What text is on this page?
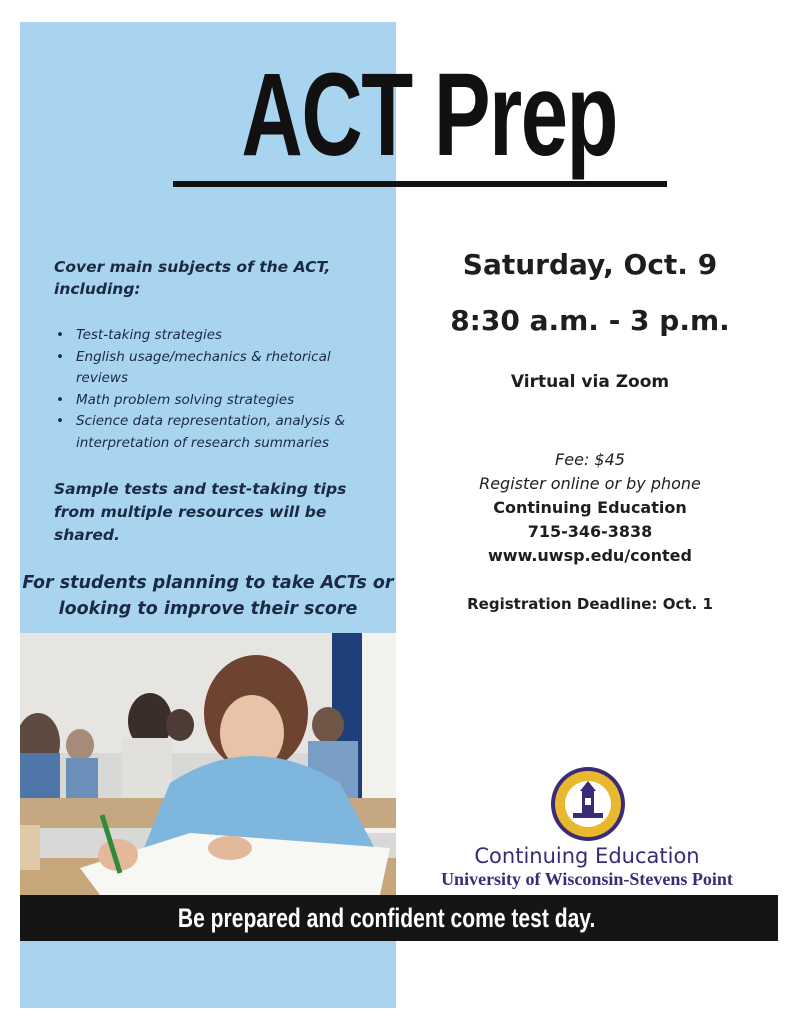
ACT Prep
Cover main subjects of the ACT, including:
• Test-taking strategies
• English usage/mechanics & rhetorical reviews
• Math problem solving strategies
• Science data representation, analysis & interpretation of research summaries
Sample tests and test-taking tips from multiple resources will be shared.
For students planning to take ACTs or looking to improve their score
Saturday, Oct. 9
8:30 a.m. - 3 p.m.
Virtual via Zoom
Fee: $45
Register online or by phone
Continuing Education
715-346-3838
www.uwsp.edu/conted
Registration Deadline: Oct. 1
Continuing Education
University of Wisconsin-Stevens Point
Be prepared and confident come test day.
